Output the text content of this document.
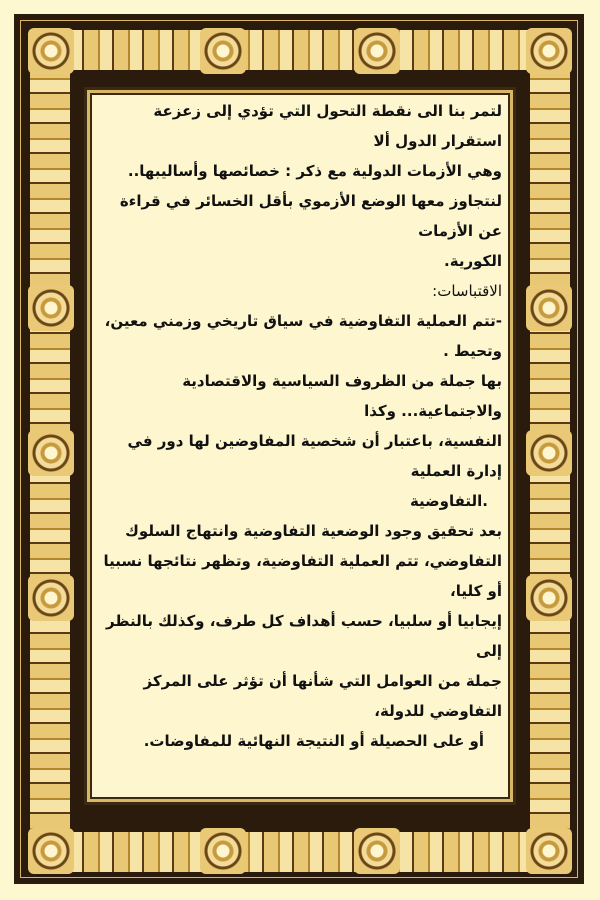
لتمر بنا الى نقطة التحول التي تؤدي إلى زعزعة استقرار الدول ألا
وهي الأزمات الدولية مع ذكر : خصائصها وأساليبها..
لنتجاوز معها الوضع الأزموي بأقل الخسائر في قراءة عن الأزمات
الكورية.
الاقتباسات:
-تتم العملية التفاوضية في سياق تاريخي وزمني معين، وتحيط .
بها جملة من الظروف السياسية والاقتصادية والاجتماعية... وكذا
النفسية، باعتبار أن شخصية المفاوضين لها دور في إدارة العملية
.التفاوضية
بعد تحقيق وجود الوضعية التفاوضية وانتهاج السلوك
التفاوضي، تتم العملية التفاوضية، وتظهر نتائجها نسبيا أو كليا،
إيجابيا أو سلبيا، حسب أهداف كل طرف، وكذلك بالنظر إلى
جملة من العوامل التي شأنها أن تؤثر على المركز التفاوضي للدولة،
أو على الحصيلة أو النتيجة النهائية للمفاوضات.
